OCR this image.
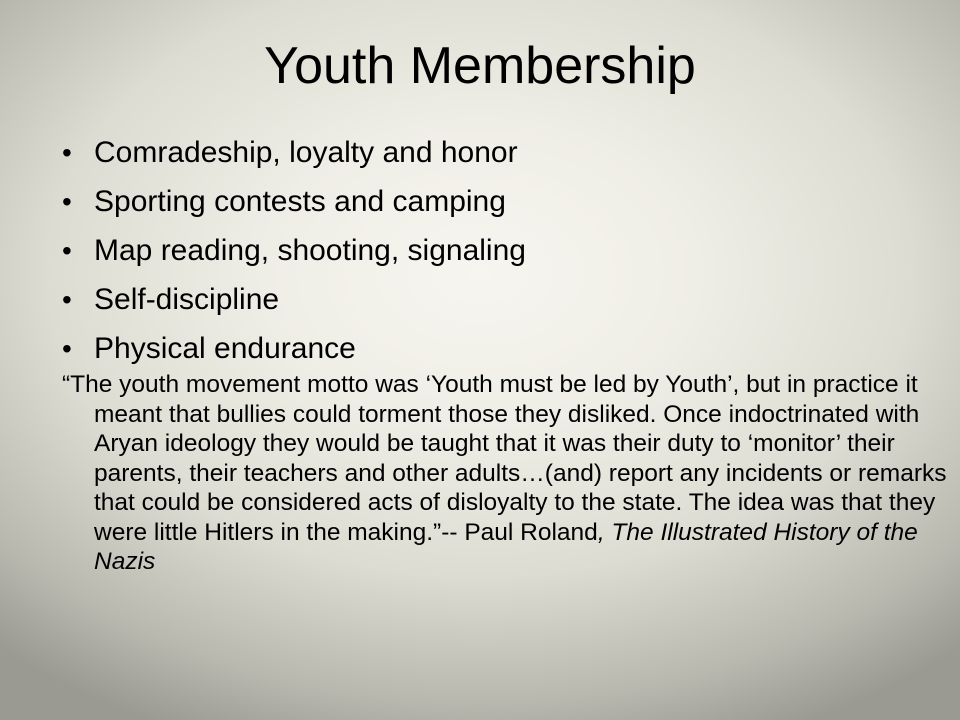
Youth Membership
• Comradeship, loyalty and honor
• Sporting contests and camping
• Map reading, shooting, signaling
• Self-discipline
• Physical endurance

“The youth movement motto was ‘Youth must be led by Youth’, but in practice it meant that bullies could torment those they disliked. Once indoctrinated with Aryan ideology they would be taught that it was their duty to ‘monitor’ their parents, their teachers and other adults…(and) report any incidents or remarks that could be considered acts of disloyalty to the state. The idea was that they were little Hitlers in the making.”-- Paul Roland, The Illustrated History of the Nazis
